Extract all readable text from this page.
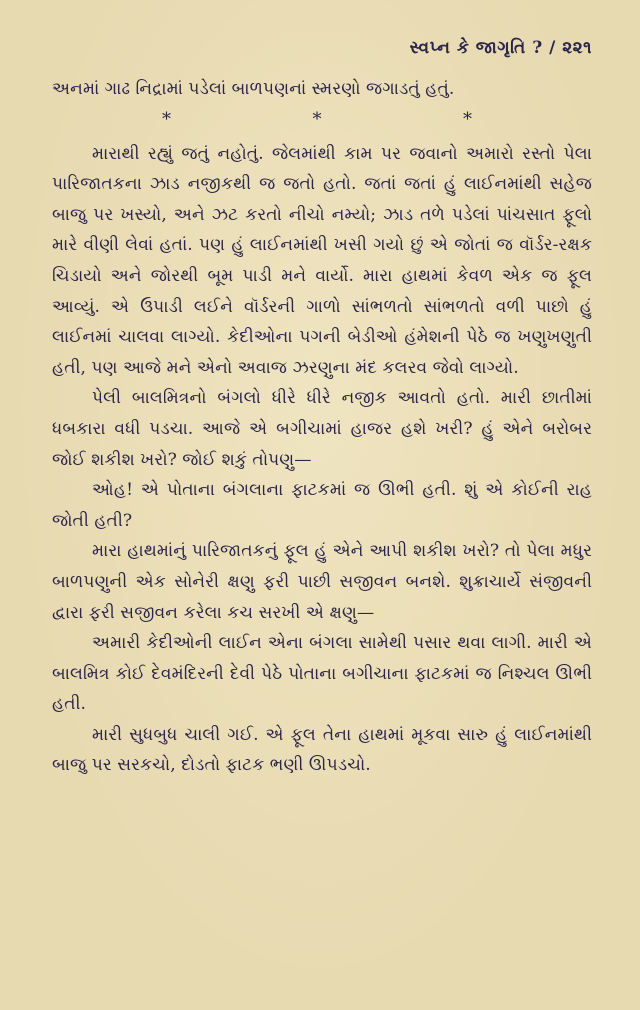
સ્વપ્ન કે જાગૃતિ ? / ૨૨૧

અનમાં ગાઢ નિદ્રામાં પડેલાં બાળપણનાં સ્મરણો જગાડતું હતું.

*	*	*

મારાથી રહ્યું જતું નહોતું. જેલમાંથી કામ પર જવાનો અમારો રસ્તો પેલા પારિજાતકના ઝાડ નજીકથી જ જતો હતો. જતાં જતાં હું લાઈનમાંથી સહેજ બાજુ પર ખસ્યો, અને ઝટ કરતો નીચો નમ્યો; ઝાડ તળે પડેલાં પાંચસાત ફૂલો મારે વીણી લેવાં હતાં. પણ હું લાઈનમાંથી ખસી ગયો છું એ જોતાં જ વૉર્ડર-રક્ષક ચિડાયો અને જોરથી બૂમ પાડી મને વાર્યો. મારા હાથમાં કેવળ એક જ ફૂલ આવ્યું. એ ઉપાડી લઈને વૉર્ડરની ગાળો સાંભળતો સાંભળતો વળી પાછો હું લાઈનમાં ચાલવા લાગ્યો. કેદીઓના પગની બેડીઓ હંમેશની પેઠે જ ખણુખણુતી હતી, પણ આજે મને એનો અવાજ ઝરણુના મંદ કલરવ જેવો લાગ્યો.

પેલી બાલમિત્રનો બંગલો ધીરે ધીરે નજીક આવતો હતો. મારી છાતીમાં ધબકારા વધી પડચા. આજે એ બગીચામાં હાજર હશે ખરી? હું એને બરોબર જોઈ શકીશ ખરો? જોઈ શકું તોપણુ—

ઓહ! એ પોતાના બંગલાના ફાટકમાં જ ઊભી હતી. શું એ કોઈની રાહ જોતી હતી?

મારા હાથમાંનું પારિજાતકનું ફૂલ હું એને આપી શકીશ ખરો? તો પેલા મધુર બાળપણુની એક સોનેરી ક્ષણુ ફરી પાછી સજીવન બનશે. શુક્રાચાર્યે સંજીવની દ્વારા ફરી સજીવન કરેલા કચ સરખી એ ક્ષણુ—

અમારી કેદીઓની લાઈન એના બંગલા સામેથી પસાર થવા લાગી. મારી એ બાલમિત્ર કોઈ દેવમંદિરની દેવી પેઠે પોતાના બગીચાના ફાટકમાં જ નિશ્ચલ ઊભી હતી.

મારી સુધબુધ ચાલી ગઈ. એ ફૂલ તેના હાથમાં મૂકવા સારુ હું લાઈનમાંથી બાજુ પર સરકચો, દોડતો ફાટક ભણી ઊપડચો.
